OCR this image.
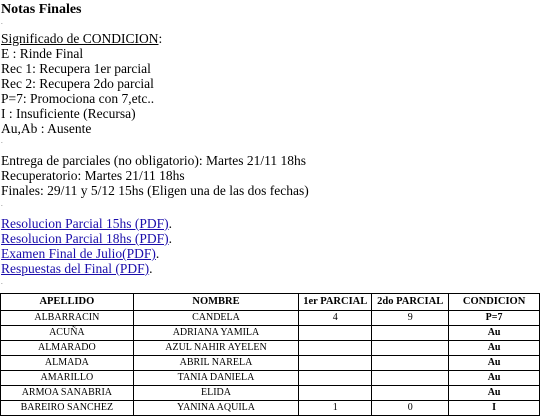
Notas Finales
.
Significado de CONDICION:
E : Rinde Final
Rec 1: Recupera 1er parcial
Rec 2: Recupera 2do parcial
P=7: Promociona con 7,etc..
I : Insuficiente (Recursa)
Au,Ab : Ausente
.
Entrega de parciales (no obligatorio): Martes 21/11 18hs
Recuperatorio: Martes 21/11 18hs
Finales: 29/11 y 5/12 15hs (Eligen una de las dos fechas)
.
Resolucion Parcial 15hs (PDF).
Resolucion Parcial 18hs (PDF).
Examen Final de Julio(PDF).
Respuestas del Final (PDF).
.
APELLIDO	NOMBRE	1er PARCIAL	2do PARCIAL	CONDICION
ALBARRACIN	CANDELA	4	9	P=7
ACUÑA	ADRIANA YAMILA			Au
ALMARADO	AZUL NAHIR AYELEN			Au
ALMADA	ABRIL NARELA			Au
AMARILLO	TANIA DANIELA			Au
ARMOA SANABRIA	ELIDA			Au
BAREIRO SANCHEZ	YANINA AQUILA	1	0	I
